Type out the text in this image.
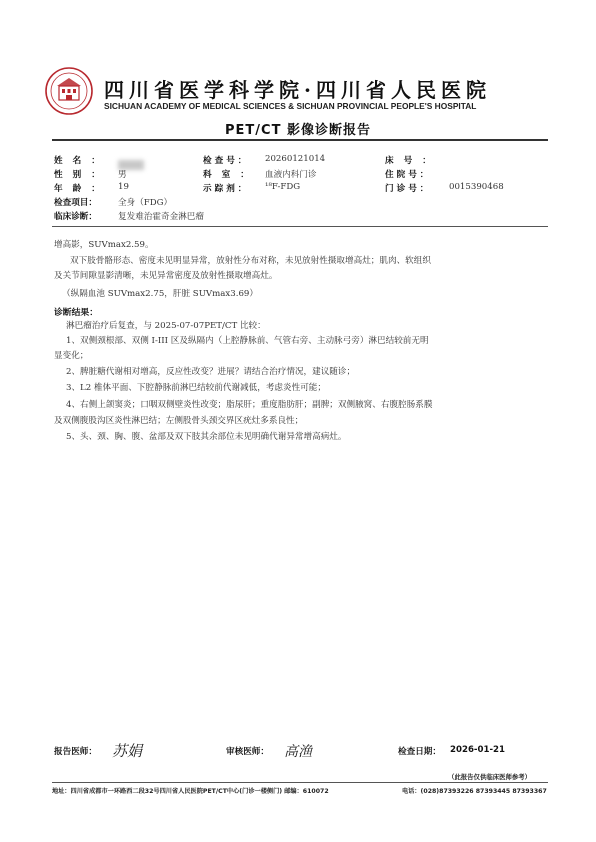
四川省医学科学院·四川省人民医院
SICHUAN ACADEMY OF MEDICAL SCIENCES & SICHUAN PROVINCIAL PEOPLE'S HOSPITAL
PET/CT 影像诊断报告
姓名：	检查号： 20260121014	床号：
性别： 男	科室： 血液内科门诊	住院号：
年龄： 19	示踪剂： ¹⁸F-FDG	门诊号： 0015390468
检查项目： 全身（FDG）
临床诊断： 复发难治霍奇金淋巴瘤
增高影，SUVmax2.59。
双下肢骨骼形态、密度未见明显异常，放射性分布对称，未见放射性摄取增高灶；肌肉、软组织
及关节间隙显影清晰，未见异常密度及放射性摄取增高灶。
（纵隔血池 SUVmax2.75，肝脏 SUVmax3.69）
诊断结果：
淋巴瘤治疗后复查，与 2025-07-07PET/CT 比较：
1、双侧颈根部、双侧 I-III 区及纵隔内（上腔静脉前、气管右旁、主动脉弓旁）淋巴结较前无明
显变化；
2、脾脏糖代谢相对增高，反应性改变？进展？请结合治疗情况，建议随诊；
3、L2 椎体平面、下腔静脉前淋巴结较前代谢减低，考虑炎性可能；
4、右侧上颌窦炎；口咽双侧壁炎性改变；脂尿肝；重度脂肪肝；副脾；双侧腋窝、右腹腔肠系膜
及双侧腹股沟区炎性淋巴结；左侧股骨头颈交界区疣灶多系良性；
5、头、颈、胸、腹、盆部及双下肢其余部位未见明确代谢异常增高病灶。
报告医师： 苏娟	审核医师： 高渔	检查日期： 2026-01-21
（此报告仅供临床医师参考）
地址：四川省成都市一环路西二段32号四川省人民医院PET/CT中心(门诊一楼侧门) 邮编：610072	电话：(028)87393226 87393445 87393367
